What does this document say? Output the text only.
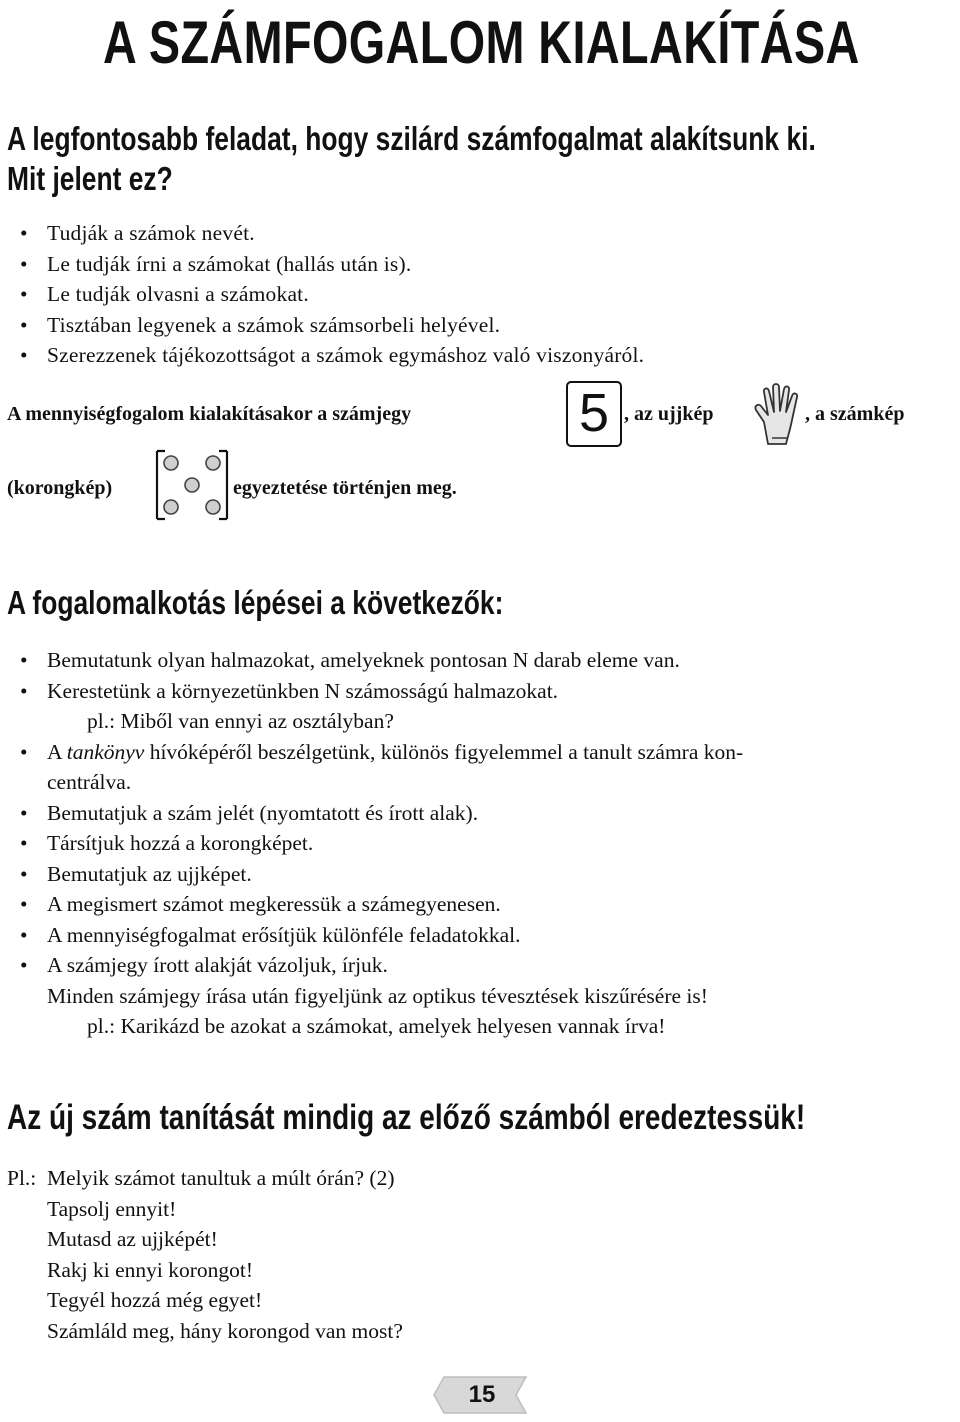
A SZÁMFOGALOM KIALAKÍTÁSA
A legfontosabb feladat, hogy szilárd számfogalmat alakítsunk ki.
Mit jelent ez?
• Tudják a számok nevét.
• Le tudják írni a számokat (hallás után is).
• Le tudják olvasni a számokat.
• Tisztában legyenek a számok számsorbeli helyével.
• Szerezzenek tájékozottságot a számok egymáshoz való viszonyáról.
A mennyiségfogalom kialakításakor a számjegy	5 , az ujjkép	, a számkép
(korongkép)	egyeztetése történjen meg.
A fogalomalkotás lépései a következők:
• Bemutatunk olyan halmazokat, amelyeknek pontosan N darab eleme van.
• Kerestetünk a környezetünkben N számosságú halmazokat.
pl.: Miből van ennyi az osztályban?
• A tankönyv hívóképéről beszélgetünk, különös figyelemmel a tanult számra kon-
centrálva.
• Bemutatjuk a szám jelét (nyomtatott és írott alak).
• Társítjuk hozzá a korongképet.
• Bemutatjuk az ujjképet.
• A megismert számot megkeressük a számegyenesen.
• A mennyiségfogalmat erősítjük különféle feladatokkal.
• A számjegy írott alakját vázoljuk, írjuk.
Minden számjegy írása után figyeljünk az optikus tévesztések kiszűrésére is!
pl.: Karikázd be azokat a számokat, amelyek helyesen vannak írva!
Az új szám tanítását mindig az előző számból eredeztessük!
Pl.: Melyik számot tanultuk a múlt órán? (2)
Tapsolj ennyit!
Mutasd az ujjképét!
Rakj ki ennyi korongot!
Tegyél hozzá még egyet!
Számláld meg, hány korongod van most?
15
